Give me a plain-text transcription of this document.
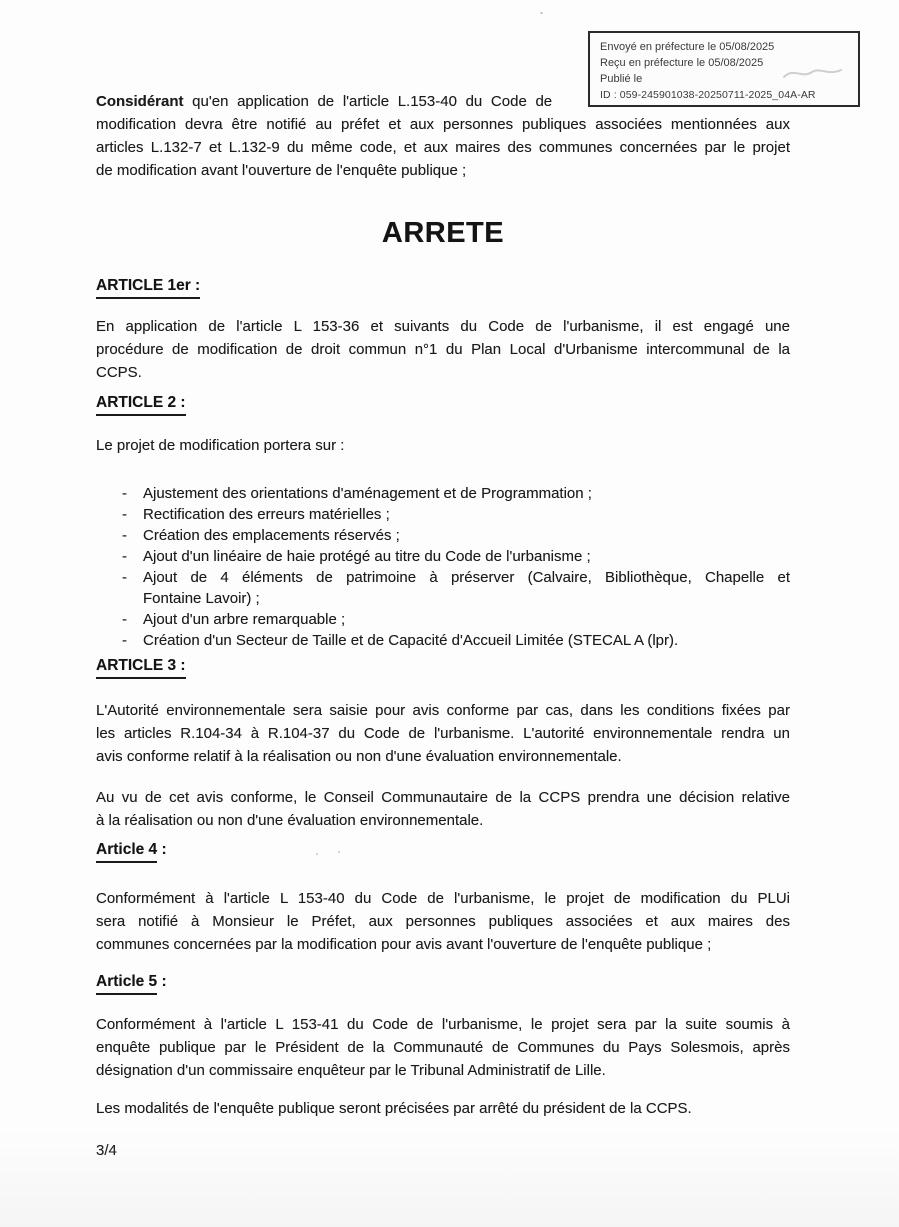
Envoyé en préfecture le 05/08/2025
Reçu en préfecture le 05/08/2025
Publié le
ID : 059-245901038-20250711-2025_04A-AR
Considérant qu'en application de l'article L.153-40 du Code de
modification devra être notifié au préfet et aux personnes publiques associées mentionnées aux
articles L.132-7 et L.132-9 du même code, et aux maires des communes concernées par le projet
de modification avant l'ouverture de l'enquête publique ;
ARRETE
ARTICLE 1er :
En application de l'article L 153-36 et suivants du Code de l'urbanisme, il est engagé une
procédure de modification de droit commun n°1 du Plan Local d'Urbanisme intercommunal de la
CCPS.
ARTICLE 2 :
Le projet de modification portera sur :
-	Ajustement des orientations d'aménagement et de Programmation ;
-	Rectification des erreurs matérielles ;
-	Création des emplacements réservés ;
-	Ajout d'un linéaire de haie protégé au titre du Code de l'urbanisme ;
-	Ajout de 4 éléments de patrimoine à préserver (Calvaire, Bibliothèque, Chapelle et
Fontaine Lavoir) ;
-	Ajout d'un arbre remarquable ;
-	Création d'un Secteur de Taille et de Capacité d'Accueil Limitée (STECAL A (lpr).
ARTICLE 3 :
L'Autorité environnementale sera saisie pour avis conforme par cas, dans les conditions fixées par
les articles R.104-34 à R.104-37 du Code de l'urbanisme. L'autorité environnementale rendra un
avis conforme relatif à la réalisation ou non d'une évaluation environnementale.
Au vu de cet avis conforme, le Conseil Communautaire de la CCPS prendra une décision relative
à la réalisation ou non d'une évaluation environnementale.
Article 4 :
Conformément à l'article L 153-40 du Code de l'urbanisme, le projet de modification du PLUi
sera notifié à Monsieur le Préfet, aux personnes publiques associées et aux maires des
communes concernées par la modification pour avis avant l'ouverture de l'enquête publique ;
Article 5 :
Conformément à l'article L 153-41 du Code de l'urbanisme, le projet sera par la suite soumis à
enquête publique par le Président de la Communauté de Communes du Pays Solesmois, après
désignation d'un commissaire enquêteur par le Tribunal Administratif de Lille.
Les modalités de l'enquête publique seront précisées par arrêté du président de la CCPS.
3/4
